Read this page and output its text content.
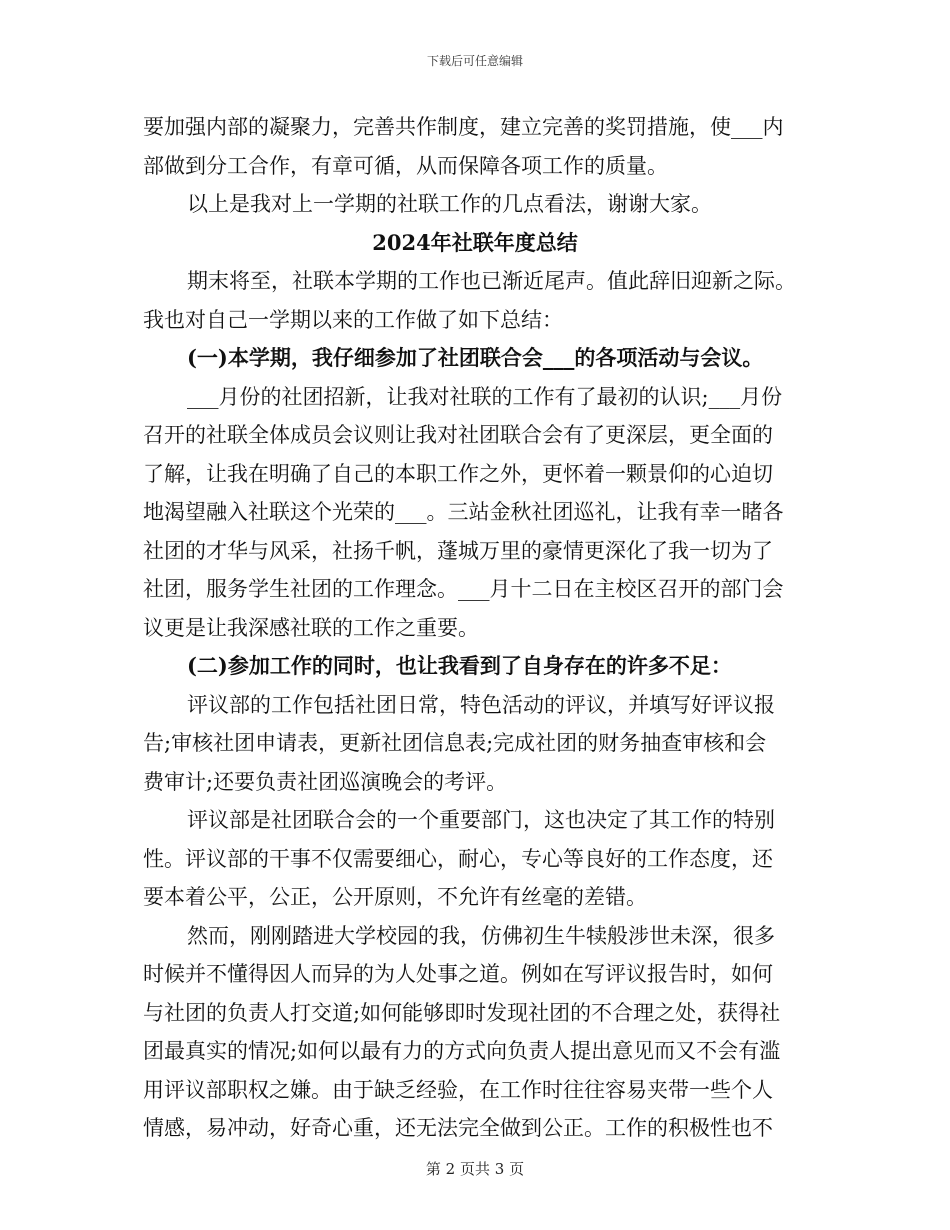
下载后可任意编辑
要加强内部的凝聚力，完善共作制度，建立完善的奖罚措施，使___内
部做到分工合作，有章可循，从而保障各项工作的质量。
以上是我对上一学期的社联工作的几点看法，谢谢大家。
2024年社联年度总结
期末将至，社联本学期的工作也已渐近尾声。值此辞旧迎新之际。
我也对自己一学期以来的工作做了如下总结：
(一)本学期，我仔细参加了社团联合会___的各项活动与会议。
___月份的社团招新，让我对社联的工作有了最初的认识;___月份
召开的社联全体成员会议则让我对社团联合会有了更深层，更全面的
了解，让我在明确了自己的本职工作之外，更怀着一颗景仰的心迫切
地渴望融入社联这个光荣的___。三站金秋社团巡礼，让我有幸一睹各
社团的才华与风采，社扬千帆，蓬城万里的豪情更深化了我一切为了
社团，服务学生社团的工作理念。___月十二日在主校区召开的部门会
议更是让我深感社联的工作之重要。
(二)参加工作的同时，也让我看到了自身存在的许多不足：
评议部的工作包括社团日常，特色活动的评议，并填写好评议报
告;审核社团申请表，更新社团信息表;完成社团的财务抽查审核和会
费审计;还要负责社团巡演晚会的考评。
评议部是社团联合会的一个重要部门，这也决定了其工作的特别
性。评议部的干事不仅需要细心，耐心，专心等良好的工作态度，还
要本着公平，公正，公开原则，不允许有丝毫的差错。
然而，刚刚踏进大学校园的我，仿佛初生牛犊般涉世未深，很多
时候并不懂得因人而异的为人处事之道。例如在写评议报告时，如何
与社团的负责人打交道;如何能够即时发现社团的不合理之处，获得社
团最真实的情况;如何以最有力的方式向负责人提出意见而又不会有滥
用评议部职权之嫌。由于缺乏经验，在工作时往往容易夹带一些个人
情感，易冲动，好奇心重，还无法完全做到公正。工作的积极性也不
第 2 页共 3 页
